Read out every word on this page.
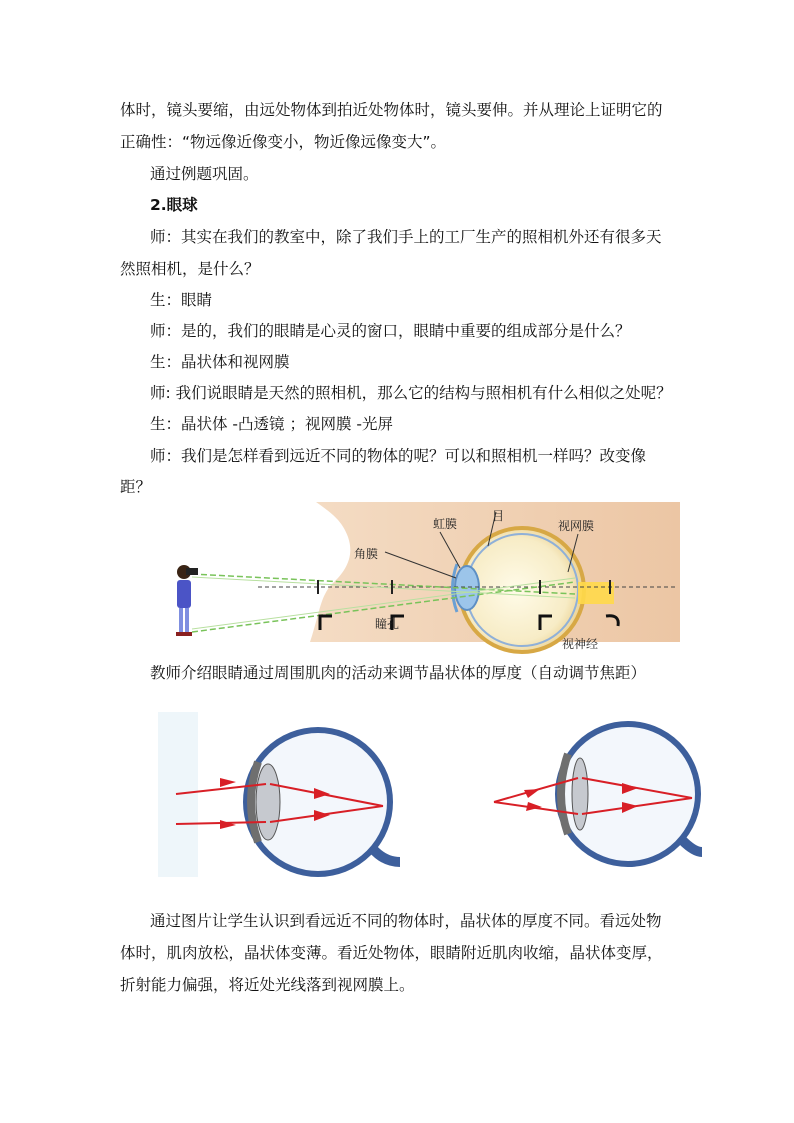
体时，镜头要缩，由远处物体到拍近处物体时，镜头要伸。并从理论上证明它的
正确性：“物远像近像变小，物近像远像变大”。
通过例题巩固。
2.眼球
师：其实在我们的教室中，除了我们手上的工厂生产的照相机外还有很多天
然照相机，是什么？
生：眼睛
师：是的，我们的眼睛是心灵的窗口，眼睛中重要的组成部分是什么？
生：晶状体和视网膜
师: 我们说眼睛是天然的照相机，那么它的结构与照相机有什么相似之处呢？
生：晶状体 -凸透镜 ；视网膜 -光屏
师：我们是怎样看到远近不同的物体的呢？可以和照相机一样吗？改变像
距？
虹膜	视网膜
角膜
瞳孔
目
视神经
教师介绍眼睛通过周围肌肉的活动来调节晶状体的厚度（自动调节焦距）
通过图片让学生认识到看远近不同的物体时，晶状体的厚度不同。看远处物
体时，肌肉放松，晶状体变薄。看近处物体，眼睛附近肌肉收缩，晶状体变厚，
折射能力偏强，将近处光线落到视网膜上。
